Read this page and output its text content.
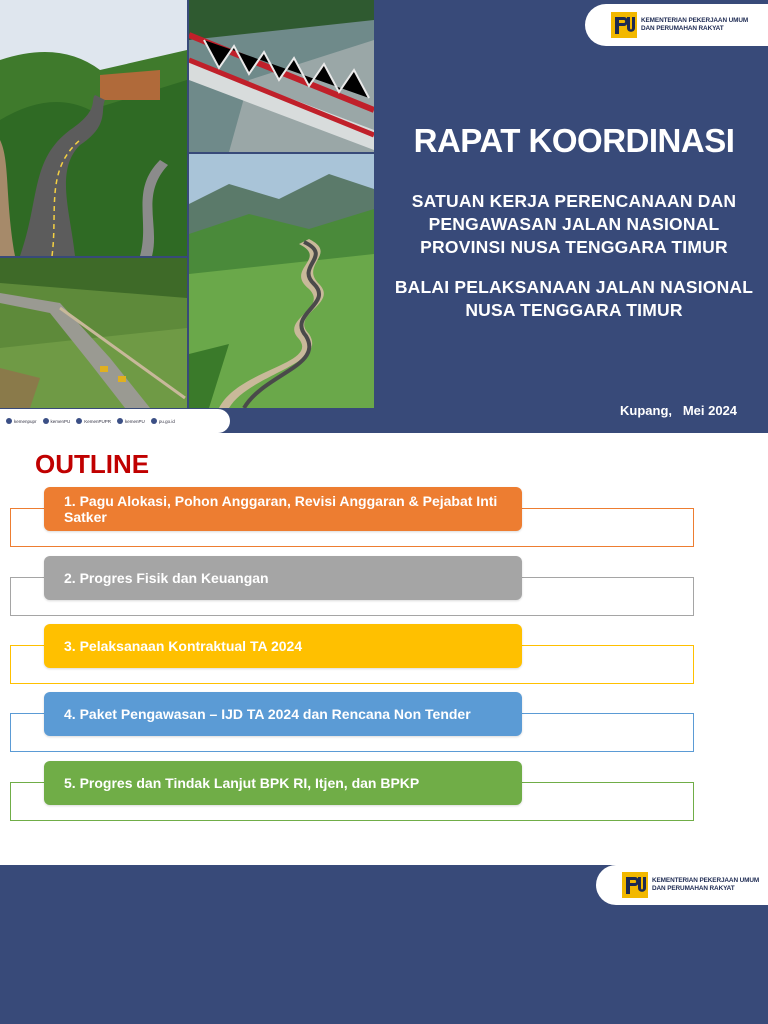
KEMENTERIAN PEKERJAAN UMUM
DAN PERUMAHAN RAKYAT
RAPAT KOORDINASI
SATUAN KERJA PERENCANAAN DAN
PENGAWASAN JALAN NASIONAL
PROVINSI NUSA TENGGARA TIMUR
BALAI PELAKSANAAN JALAN NASIONAL
NUSA TENGGARA TIMUR
Kupang,   Mei 2024
kemenpupr	kemenPU	KemenPUPR	kemenPU	pu.go.id
OUTLINE
1. Pagu Alokasi, Pohon Anggaran, Revisi Anggaran & Pejabat Inti Satker
2. Progres Fisik dan Keuangan
3. Pelaksanaan Kontraktual TA 2024
4. Paket Pengawasan – IJD TA 2024 dan Rencana Non Tender
5. Progres dan Tindak Lanjut BPK RI, Itjen, dan BPKP
KEMENTERIAN PEKERJAAN UMUM
DAN PERUMAHAN RAKYAT
